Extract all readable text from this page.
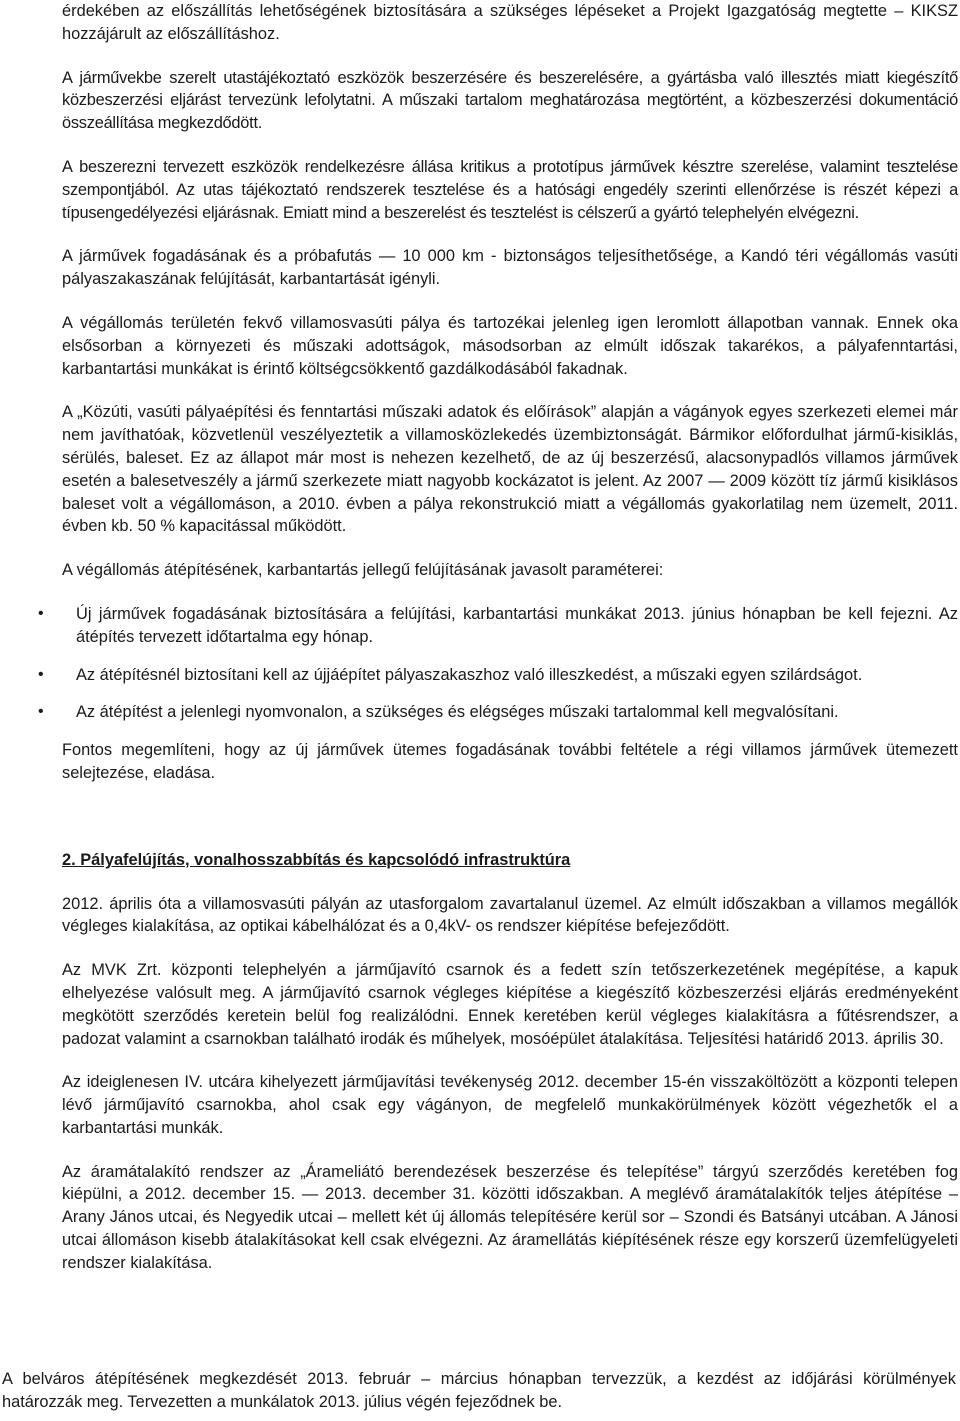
érdekében az előszállítás lehetőségének biztosítására a szükséges lépéseket a Projekt Igazgatóság megtette – KIKSZ hozzájárult az előszállításhoz.

A járművekbe szerelt utastájékoztató eszközök beszerzésére és beszerelésére, a gyártásba való illesztés miatt kiegészítő közbeszerzési eljárást tervezünk lefolytatni. A műszaki tartalom meghatározása megtörtént, a közbeszerzési dokumentáció összeállítása megkezdődött.

A beszerezni tervezett eszközök rendelkezésre állása kritikus a prototípus járművek késztre szerelése, valamint tesztelése szempontjából. Az utas tájékoztató rendszerek tesztelése és a hatósági engedély szerinti ellenőrzése is részét képezi a típusengedélyezési eljárásnak. Emiatt mind a beszerelést és tesztelést is célszerű a gyártó telephelyén elvégezni.

A járművek fogadásának és a próbafutás — 10 000 km - biztonságos teljesíthetősége, a Kandó téri végállomás vasúti pályaszakaszának felújítását, karbantartását igényli.

A végállomás területén fekvő villamosvasúti pálya és tartozékai jelenleg igen leromlott állapotban vannak. Ennek oka elsősorban a környezeti és műszaki adottságok, másodsorban az elmúlt időszak takarékos, a pályafenntartási, karbantartási munkákat is érintő költségcsökkentő gazdálkodásából fakadnak.

A „Közúti, vasúti pályaépítési és fenntartási műszaki adatok és előírások” alapján a vágányok egyes szerkezeti elemei már nem javíthatóak, közvetlenül veszélyeztetik a villamosközlekedés üzembiztonságát. Bármikor előfordulhat jármű-kisiklás, sérülés, baleset. Ez az állapot már most is nehezen kezelhető, de az új beszerzésű, alacsonypadlós villamos járművek esetén a balesetveszély a jármű szerkezete miatt nagyobb kockázatot is jelent. Az 2007 — 2009 között tíz jármű kisiklásos baleset volt a végállomáson, a 2010. évben a pálya rekonstrukció miatt a végállomás gyakorlatilag nem üzemelt, 2011. évben kb. 50 % kapacitással működött.

A végállomás átépítésének, karbantartás jellegű felújításának javasolt paraméterei:

• Új járművek fogadásának biztosítására a felújítási, karbantartási munkákat 2013. június hónapban be kell fejezni. Az átépítés tervezett időtartalma egy hónap.

• Az átépítésnél biztosítani kell az újjáépítet pályaszakaszhoz való illeszkedést, a műszaki egyen szilárdságot.

• Az átépítést a jelenlegi nyomvonalon, a szükséges és elégséges műszaki tartalommal kell megvalósítani.

Fontos megemlíteni, hogy az új járművek ütemes fogadásának további feltétele a régi villamos járművek ütemezett selejtezése, eladása.

2. Pályafelújítás, vonalhosszabbítás és kapcsolódó infrastruktúra

2012. április óta a villamosvasúti pályán az utasforgalom zavartalanul üzemel. Az elmúlt időszakban a villamos megállók végleges kialakítása, az optikai kábelhálózat és a 0,4kV- os rendszer kiépítése befejeződött.

Az MVK Zrt. központi telephelyén a járműjavító csarnok és a fedett szín tetőszerkezetének megépítése, a kapuk elhelyezése valósult meg. A járműjavító csarnok végleges kiépítése a kiegészítő közbeszerzési eljárás eredményeként megkötött szerződés keretein belül fog realizálódni. Ennek keretében kerül végleges kialakításra a fűtésrendszer, a padozat valamint a csarnokban található irodák és műhelyek, mosóépület átalakítása. Teljesítési határidő 2013. április 30.

Az ideiglenesen IV. utcára kihelyezett járműjavítási tevékenység 2012. december 15-én visszaköltözött a központi telepen lévő járműjavító csarnokba, ahol csak egy vágányon, de megfelelő munkakörülmények között végezhetők el a karbantartási munkák.

Az áramátalakító rendszer az „Árameliátó berendezések beszerzése és telepítése” tárgyú szerződés keretében fog kiépülni, a 2012. december 15. — 2013. december 31. közötti időszakban. A meglévő áramátalakítók teljes átépítése – Arany János utcai, és Negyedik utcai – mellett két új állomás telepítésére kerül sor – Szondi és Batsányi utcában. A Jánosi utcai állomáson kisebb átalakításokat kell csak elvégezni. Az áramellátás kiépítésének része egy korszerű üzemfelügyeleti rendszer kialakítása.

A belváros átépítésének megkezdését 2013. február – március hónapban tervezzük, a kezdést az időjárási körülmények határozzák meg. Tervezetten a munkálatok 2013. július végén fejeződnek be.
